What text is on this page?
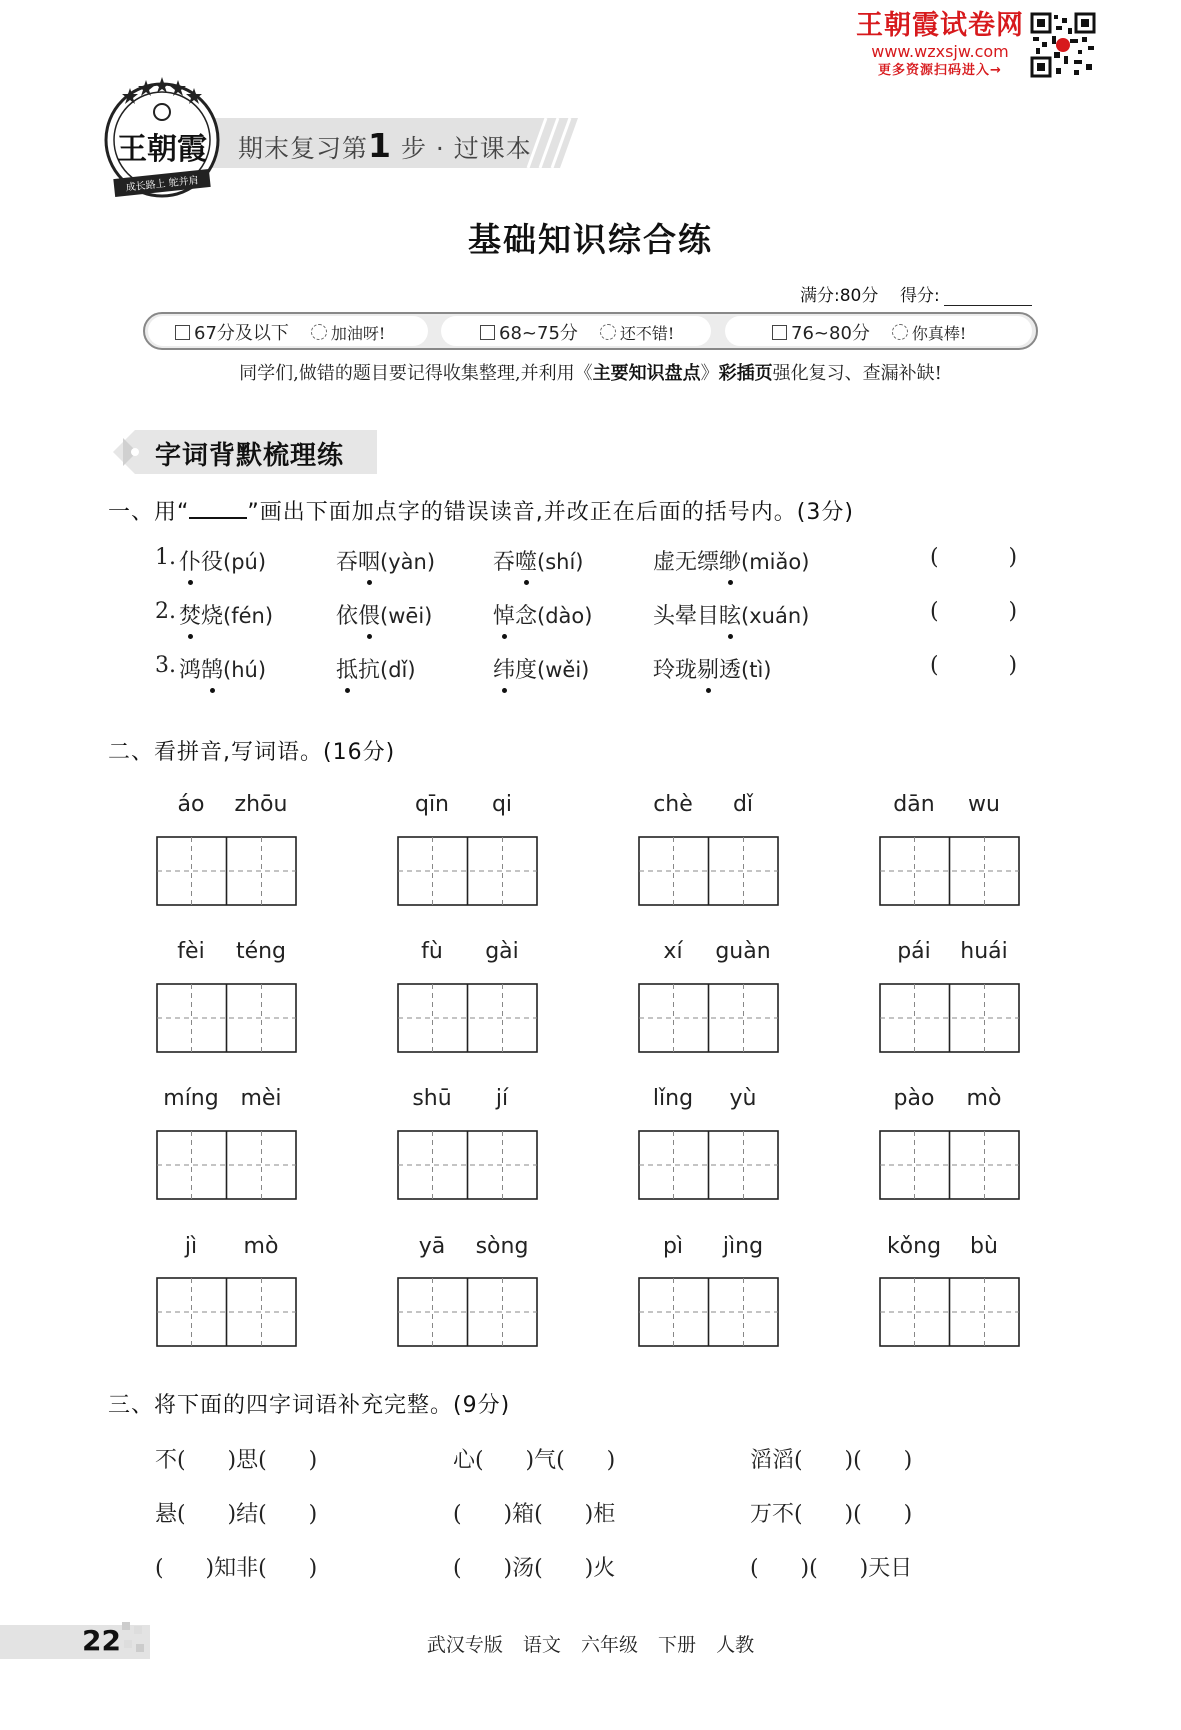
王朝霞试卷网
www.wzxsjw.com
更多资源扫码进入→
期末复习第1 步 · 过课本
王朝霞
成长路上 鸵并肩
基础知识综合练
满分:80分 得分:
67分及以下	加油呀!	68~75分	还不错!	76~80分	你真棒!
同学们,做错的题目要记得收集整理,并利用《主要知识盘点》彩插页强化复习、查漏补缺!
字词背默梳理练
一、用“	”画出下面加点字的错误读音,并改正在后面的括号内。(3分)
1. 仆役(pú)	吞咽(yàn)	吞噬(shí)	虚无缥缈(miǎo)	(          )
2. 焚烧(fén)	依偎(wēi)	悼念(dào)	头晕目眩(xuán)	(          )
3. 鸿鹄(hú)	抵抗(dǐ)	纬度(wěi)	玲珑剔透(tì)	(          )
二、看拼音,写词语。(16分)
áo	zhōu	qīn	qi	chè	dǐ	dān	wu
fèi	téng	fù	gài	xí	guàn	pái	huái
míng mèi	shū	jí	lǐng	yù	pào	mò
jì	mò	yā	sòng	pì	jìng	kǒng	bù
三、将下面的四字词语补充完整。(9分)
不(      )思(      )	心(      )气(      )	滔滔(      )(      )
悬(      )结(      )	(      )箱(      )柜	万不(      )(      )
(      )知非(      )	(      )汤(      )火	(      )(      )天日
22	武汉专版 语文 六年级 下册 人教
